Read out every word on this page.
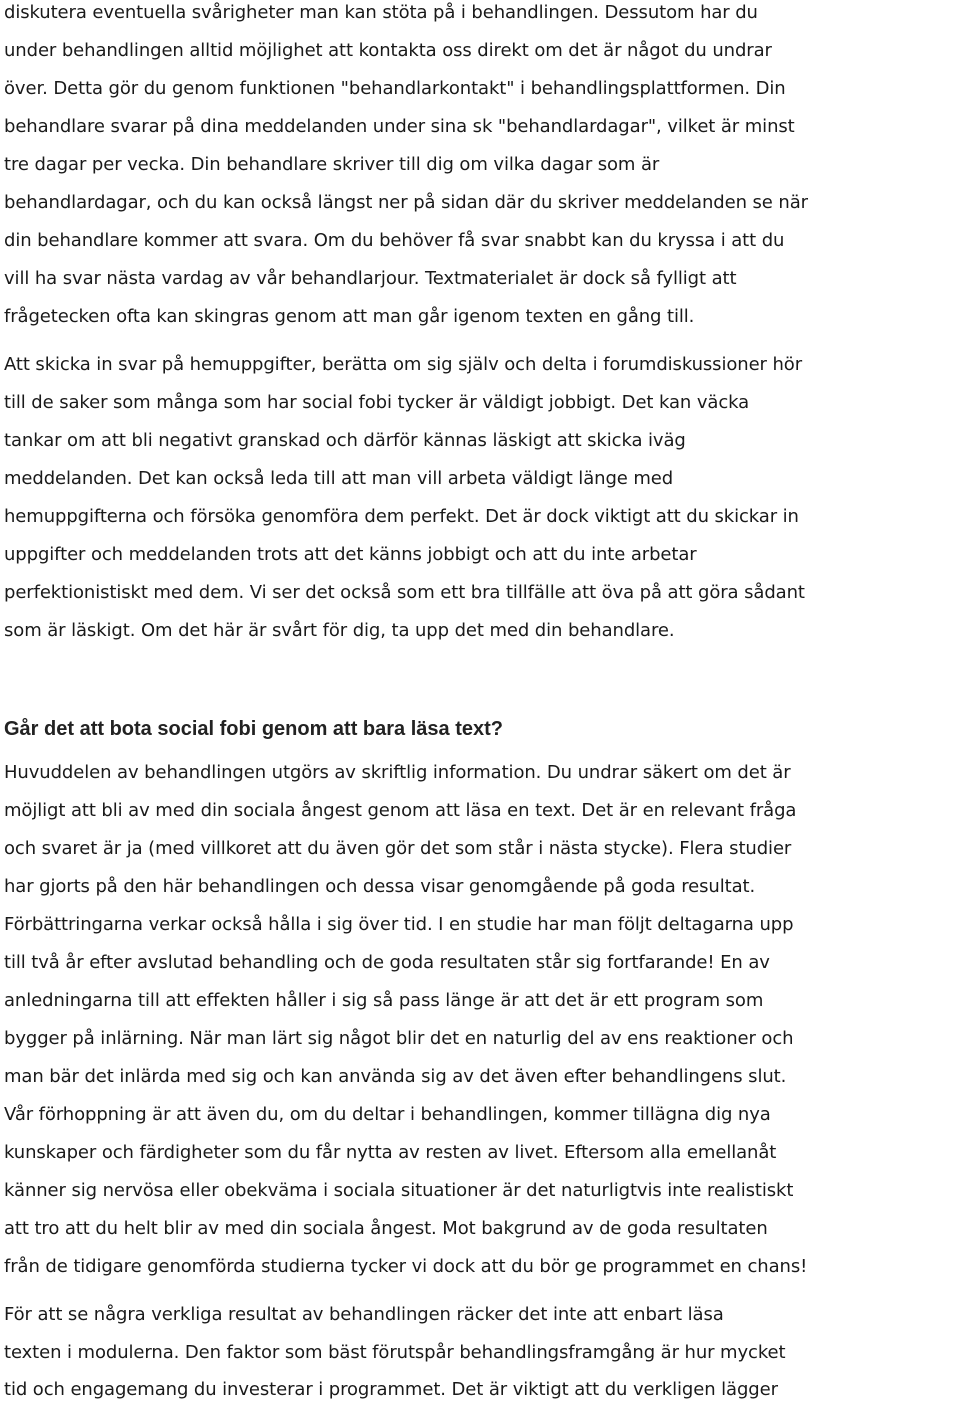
diskutera eventuella svårigheter man kan stöta på i behandlingen. Dessutom har du
under behandlingen alltid möjlighet att kontakta oss direkt om det är något du undrar
över. Detta gör du genom funktionen "behandlarkontakt" i behandlingsplattformen. Din
behandlare svarar på dina meddelanden under sina sk "behandlardagar", vilket är minst
tre dagar per vecka. Din behandlare skriver till dig om vilka dagar som är
behandlardagar, och du kan också längst ner på sidan där du skriver meddelanden se när
din behandlare kommer att svara. Om du behöver få svar snabbt kan du kryssa i att du
vill ha svar nästa vardag av vår behandlarjour. Textmaterialet är dock så fylligt att
frågetecken ofta kan skingras genom att man går igenom texten en gång till.
Att skicka in svar på hemuppgifter, berätta om sig själv och delta i forumdiskussioner hör
till de saker som många som har social fobi tycker är väldigt jobbigt. Det kan väcka
tankar om att bli negativt granskad och därför kännas läskigt att skicka iväg
meddelanden. Det kan också leda till att man vill arbeta väldigt länge med
hemuppgifterna och försöka genomföra dem perfekt. Det är dock viktigt att du skickar in
uppgifter och meddelanden trots att det känns jobbigt och att du inte arbetar
perfektionistiskt med dem. Vi ser det också som ett bra tillfälle att öva på att göra sådant
som är läskigt. Om det här är svårt för dig, ta upp det med din behandlare.
Går det att bota social fobi genom att bara läsa text?
Huvuddelen av behandlingen utgörs av skriftlig information. Du undrar säkert om det är
möjligt att bli av med din sociala ångest genom att läsa en text. Det är en relevant fråga
och svaret är ja (med villkoret att du även gör det som står i nästa stycke). Flera studier
har gjorts på den här behandlingen och dessa visar genomgående på goda resultat.
Förbättringarna verkar också hålla i sig över tid. I en studie har man följt deltagarna upp
till två år efter avslutad behandling och de goda resultaten står sig fortfarande! En av
anledningarna till att effekten håller i sig så pass länge är att det är ett program som
bygger på inlärning. När man lärt sig något blir det en naturlig del av ens reaktioner och
man bär det inlärda med sig och kan använda sig av det även efter behandlingens slut.
Vår förhoppning är att även du, om du deltar i behandlingen, kommer tillägna dig nya
kunskaper och färdigheter som du får nytta av resten av livet. Eftersom alla emellanåt
känner sig nervösa eller obekväma i sociala situationer är det naturligtvis inte realistiskt
att tro att du helt blir av med din sociala ångest. Mot bakgrund av de goda resultaten
från de tidigare genomförda studierna tycker vi dock att du bör ge programmet en chans!
För att se några verkliga resultat av behandlingen räcker det inte att enbart läsa
texten i modulerna. Den faktor som bäst förutspår behandlingsframgång är hur mycket
tid och engagemang du investerar i programmet. Det är viktigt att du verkligen lägger
